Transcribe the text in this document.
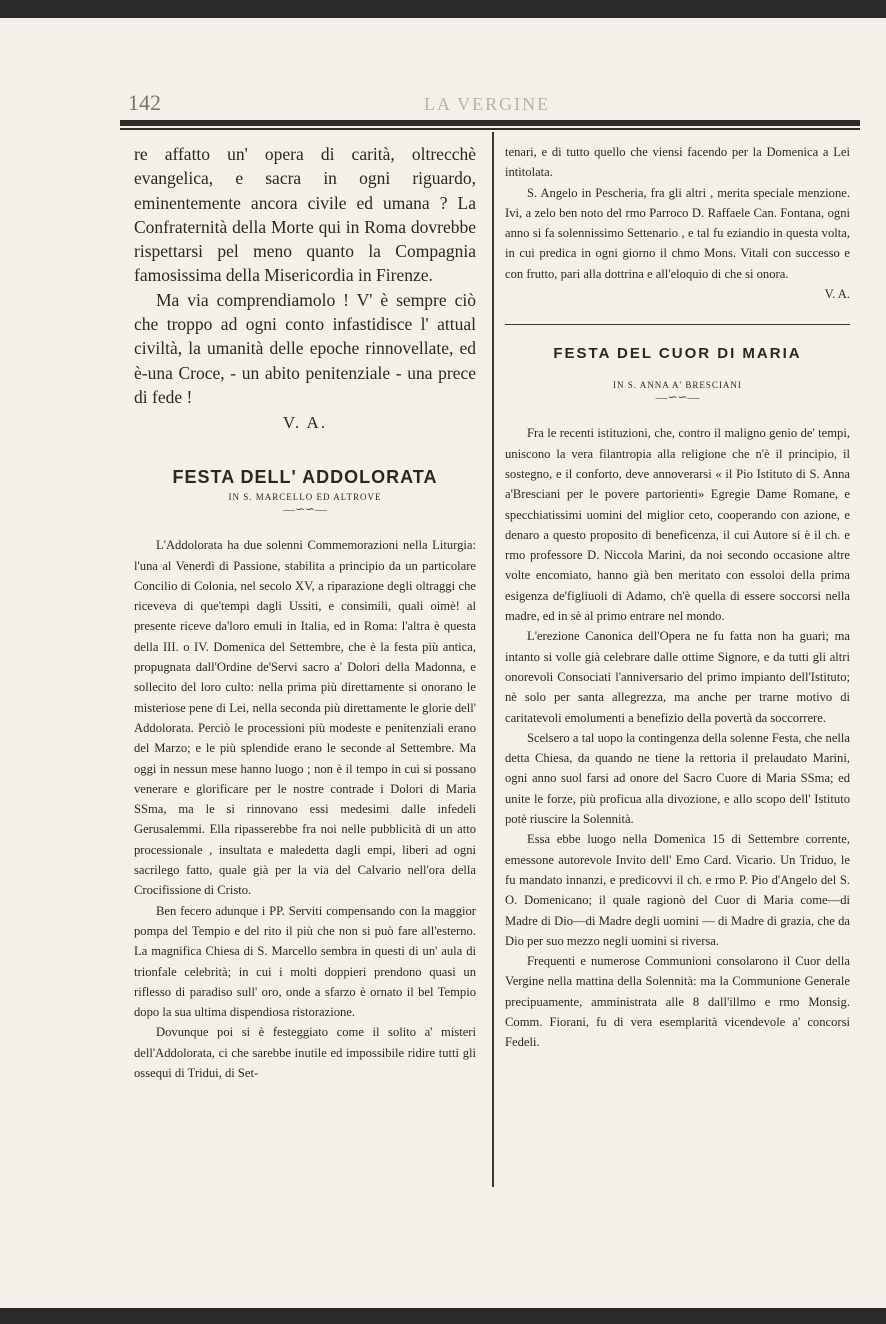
142	LA VERGINE

re affatto un' opera di carità, oltrecchè evangelica, e sacra in ogni riguardo, eminentemente ancora civile ed umana ? La Confraternità della Morte qui in Roma dovrebbe rispettarsi pel meno quanto la Compagnia famosissima della Misericordia in Firenze.

Ma via comprendiamolo ! V' è sempre ciò che troppo ad ogni conto infastidisce l' attual civiltà, la umanità delle epoche rinnovellate, ed è-una Croce, - un abito penitenziale - una prece di fede !

V. A.

FESTA DELL' ADDOLORATA

IN S. MARCELLO ED ALTROVE

—∽∽—

L'Addolorata ha due solenni Commemorazioni nella Liturgia: l'una al Venerdì di Passione, stabilita a principio da un particolare Concilio di Colonia, nel secolo XV, a riparazione degli oltraggi che riceveva di que'tempi dagli Ussiti, e consimili, quali oimè! al presente riceve da'loro emuli in Italia, ed in Roma: l'altra è questa della III. o IV. Domenica del Settembre, che è la festa più antica, propugnata dall'Ordine de'Servi sacro a' Dolori della Madonna, e sollecito del loro culto: nella prima più direttamente si onorano le misteriose pene di Lei, nella seconda più direttamente le glorie dell' Addolorata. Perciò le processioni più modeste e penitenziali erano del Marzo; e le più splendide erano le seconde al Settembre. Ma oggi in nessun mese hanno luogo ; non è il tempo in cui si possano venerare e glorificare per le nostre contrade i Dolori di Maria SSma, ma le si rinnovano essi medesimi dalle infedeli Gerusalemmi. Ella ripasserebbe fra noi nelle pubblicità di un atto processionale , insultata e maledetta dagli empi, liberi ad ogni sacrilego fatto, quale già per la via del Calvario nell'ora della Crocifissione di Cristo.

Ben fecero adunque i PP. Serviti compensando con la maggior pompa del Tempio e del rito il più che non si può fare all'esterno. La magnifica Chiesa di S. Marcello sembra in questi di un' aula di trionfale celebrità; in cui i molti doppieri prendono quasi un riflesso di paradiso sull' oro, onde a sfarzo è ornato il bel Tempio dopo la sua ultima dispendiosa ristorazione.

Dovunque poi si è festeggiato come il solito a' misteri dell'Addolorata, ci che sarebbe inutile ed impossibile ridire tutti gli ossequi di Tridui, di Set-

tenari, e di tutto quello che viensi facendo per la Domenica a Lei intitolata.

S. Angelo in Pescheria, fra gli altri , merita speciale menzione. Ivi, a zelo ben noto del rmo Parroco D. Raffaele Can. Fontana, ogni anno si fa solennissimo Settenario , e tal fu eziandio in questa volta, in cui predica in ogni giorno il chmo Mons. Vitali con successo e con frutto, pari alla dottrina e all'eloquio di che si onora.

V. A.

FESTA DEL CUOR DI MARIA

IN S. ANNA A' BRESCIANI

—∽∽—

Fra le recenti istituzioni, che, contro il maligno genio de' tempi, uniscono la vera filantropia alla religione che n'è il principio, il sostegno, e il conforto, deve annoverarsi « il Pio Istituto di S. Anna a'Bresciani per le povere partorienti» Egregie Dame Romane, e specchiatissimi uomini del miglior ceto, cooperando con azione, e denaro a questo proposito di beneficenza, il cui Autore si è il ch. e rmo professore D. Niccola Marini, da noi secondo occasione altre volte encomiato, hanno già ben meritato con essoloi della prima esigenza de'figliuoli di Adamo, ch'è quella di essere soccorsi nella madre, ed in sè al primo entrare nel mondo.

L'erezione Canonica dell'Opera ne fu fatta non ha guari; ma intanto si volle già celebrare dalle ottime Signore, e da tutti gli altri onorevoli Consociati l'anniversario del primo impianto dell'Istituto; nè solo per santa allegrezza, ma anche per trarne motivo di caritatevoli emolumenti a benefizio della povertà da soccorrere.

Scelsero a tal uopo la contingenza della solenne Festa, che nella detta Chiesa, da quando ne tiene la rettoria il prelaudato Marini, ogni anno suol farsi ad onore del Sacro Cuore di Maria SSma; ed unite le forze, più proficua alla divozione, e allo scopo dell' Istituto potè riuscire la Solennità.

Essa ebbe luogo nella Domenica 15 di Settembre corrente, emessone autorevole Invito dell' Emo Card. Vicario. Un Triduo, le fu mandato innanzi, e predicovvi il ch. e rmo P. Pio d'Angelo del S. O. Domenicano; il quale ragionò del Cuor di Maria come—di Madre di Dio—di Madre degli uomini — di Madre di grazia, che da Dio per suo mezzo negli uomini si riversa.

Frequenti e numerose Communioni consolarono il Cuor della Vergine nella mattina della Solennità: ma la Communione Generale precipuamente, amministrata alle 8 dall'illmo e rmo Monsig. Comm. Fiorani, fu di vera esemplarità vicendevole a' concorsi Fedeli.
